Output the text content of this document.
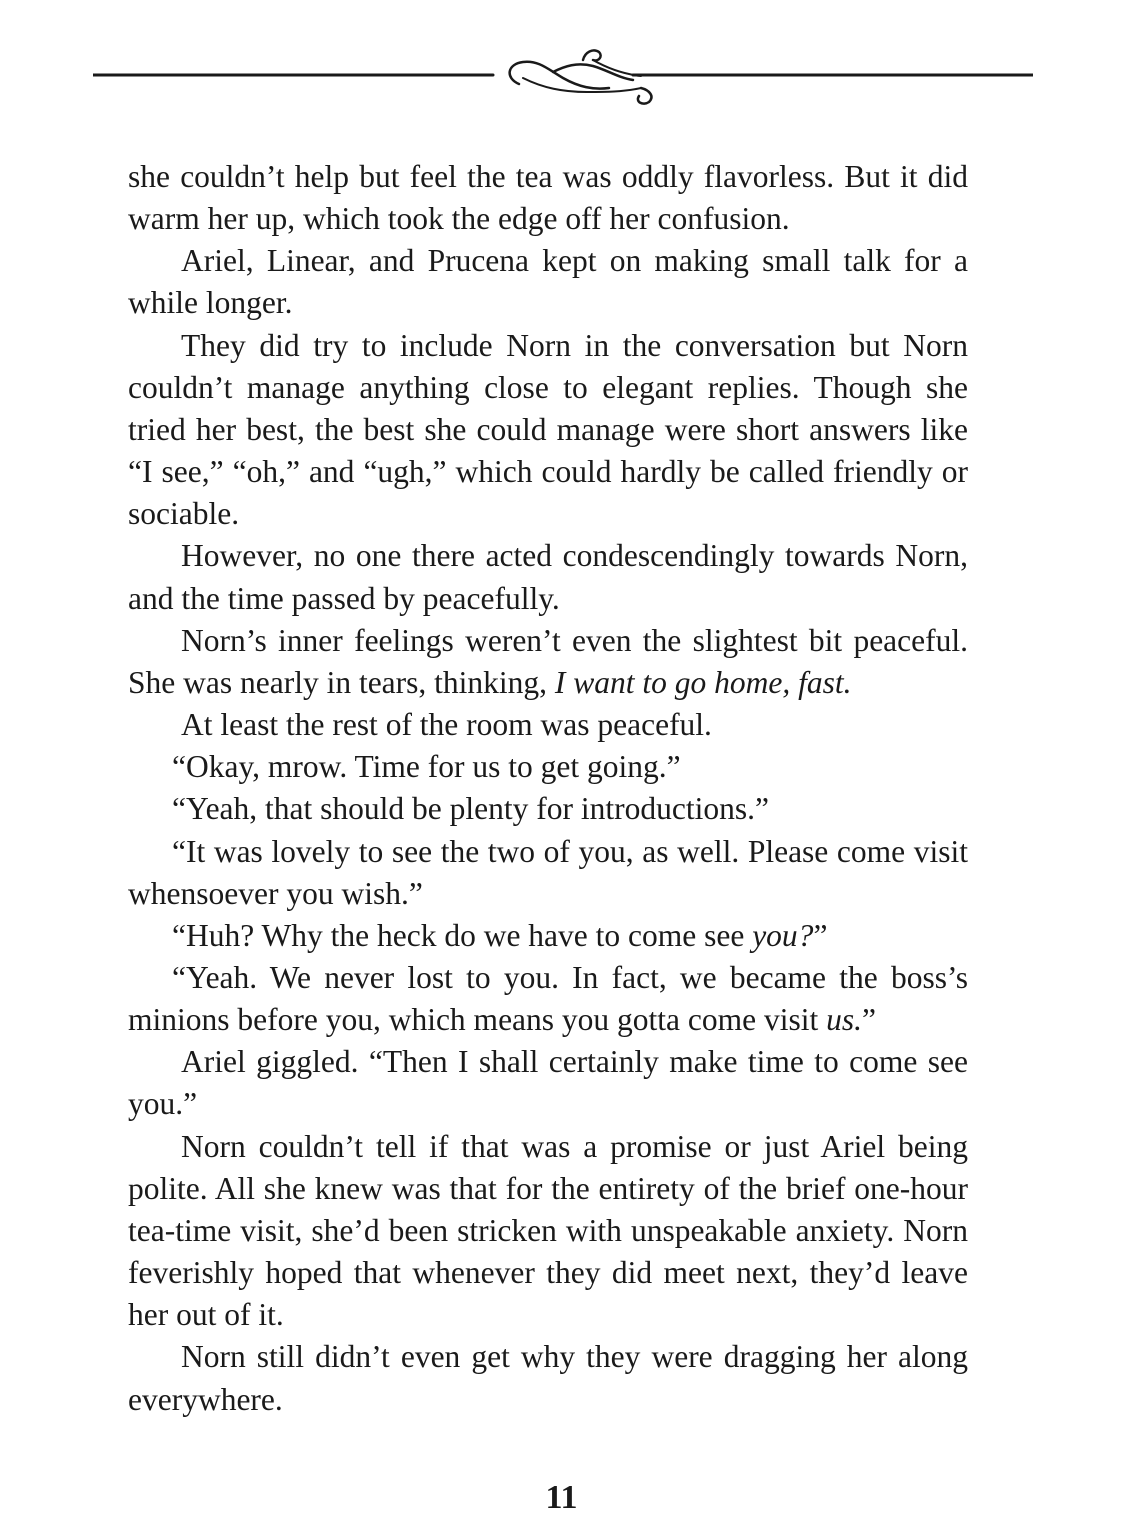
she couldn’t help but feel the tea was oddly flavorless. But it did warm her up, which took the edge off her confusion.

Ariel, Linear, and Prucena kept on making small talk for a while longer.

They did try to include Norn in the conversation but Norn couldn’t manage anything close to elegant replies. Though she tried her best, the best she could manage were short answers like “I see,” “oh,” and “ugh,” which could hardly be called friendly or sociable.

However, no one there acted condescendingly towards Norn, and the time passed by peacefully.

Norn’s inner feelings weren’t even the slightest bit peaceful. She was nearly in tears, thinking, I want to go home, fast.

At least the rest of the room was peaceful.

“Okay, mrow. Time for us to get going.”

“Yeah, that should be plenty for introductions.”

“It was lovely to see the two of you, as well. Please come visit whensoever you wish.”

“Huh? Why the heck do we have to come see you?”

“Yeah. We never lost to you. In fact, we became the boss’s minions before you, which means you gotta come visit us.”

Ariel giggled. “Then I shall certainly make time to come see you.”

Norn couldn’t tell if that was a promise or just Ariel being polite. All she knew was that for the entirety of the brief one-hour tea-time visit, she’d been stricken with unspeakable anxiety. Norn feverishly hoped that whenever they did meet next, they’d leave her out of it.

Norn still didn’t even get why they were dragging her along everywhere.

11
